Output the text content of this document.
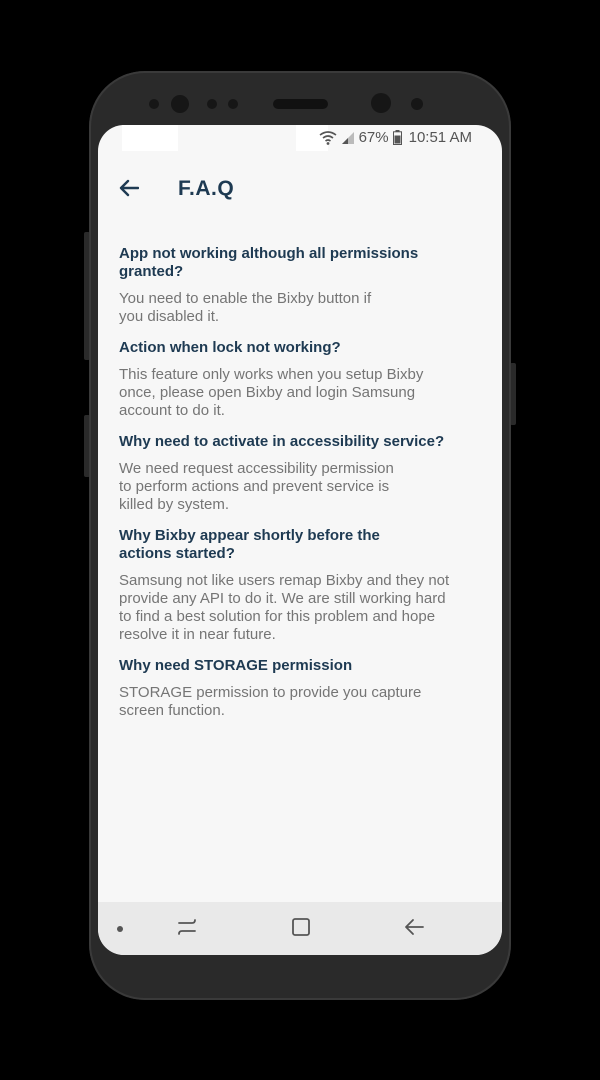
67% 10:51 AM
F.A.Q
App not working although all permissions
granted?
You need to enable the Bixby button if
you disabled it.
Action when lock not working?
This feature only works when you setup Bixby
once, please open Bixby and login Samsung
account to do it.
Why need to activate in accessibility service?
We need request accessibility permission
to perform actions and prevent service is
killed by system.
Why Bixby appear shortly before the
actions started?
Samsung not like users remap Bixby and they not
provide any API to do it. We are still working hard
to find a best solution for this problem and hope
resolve it in near future.
Why need STORAGE permission
STORAGE permission to provide you capture
screen function.
